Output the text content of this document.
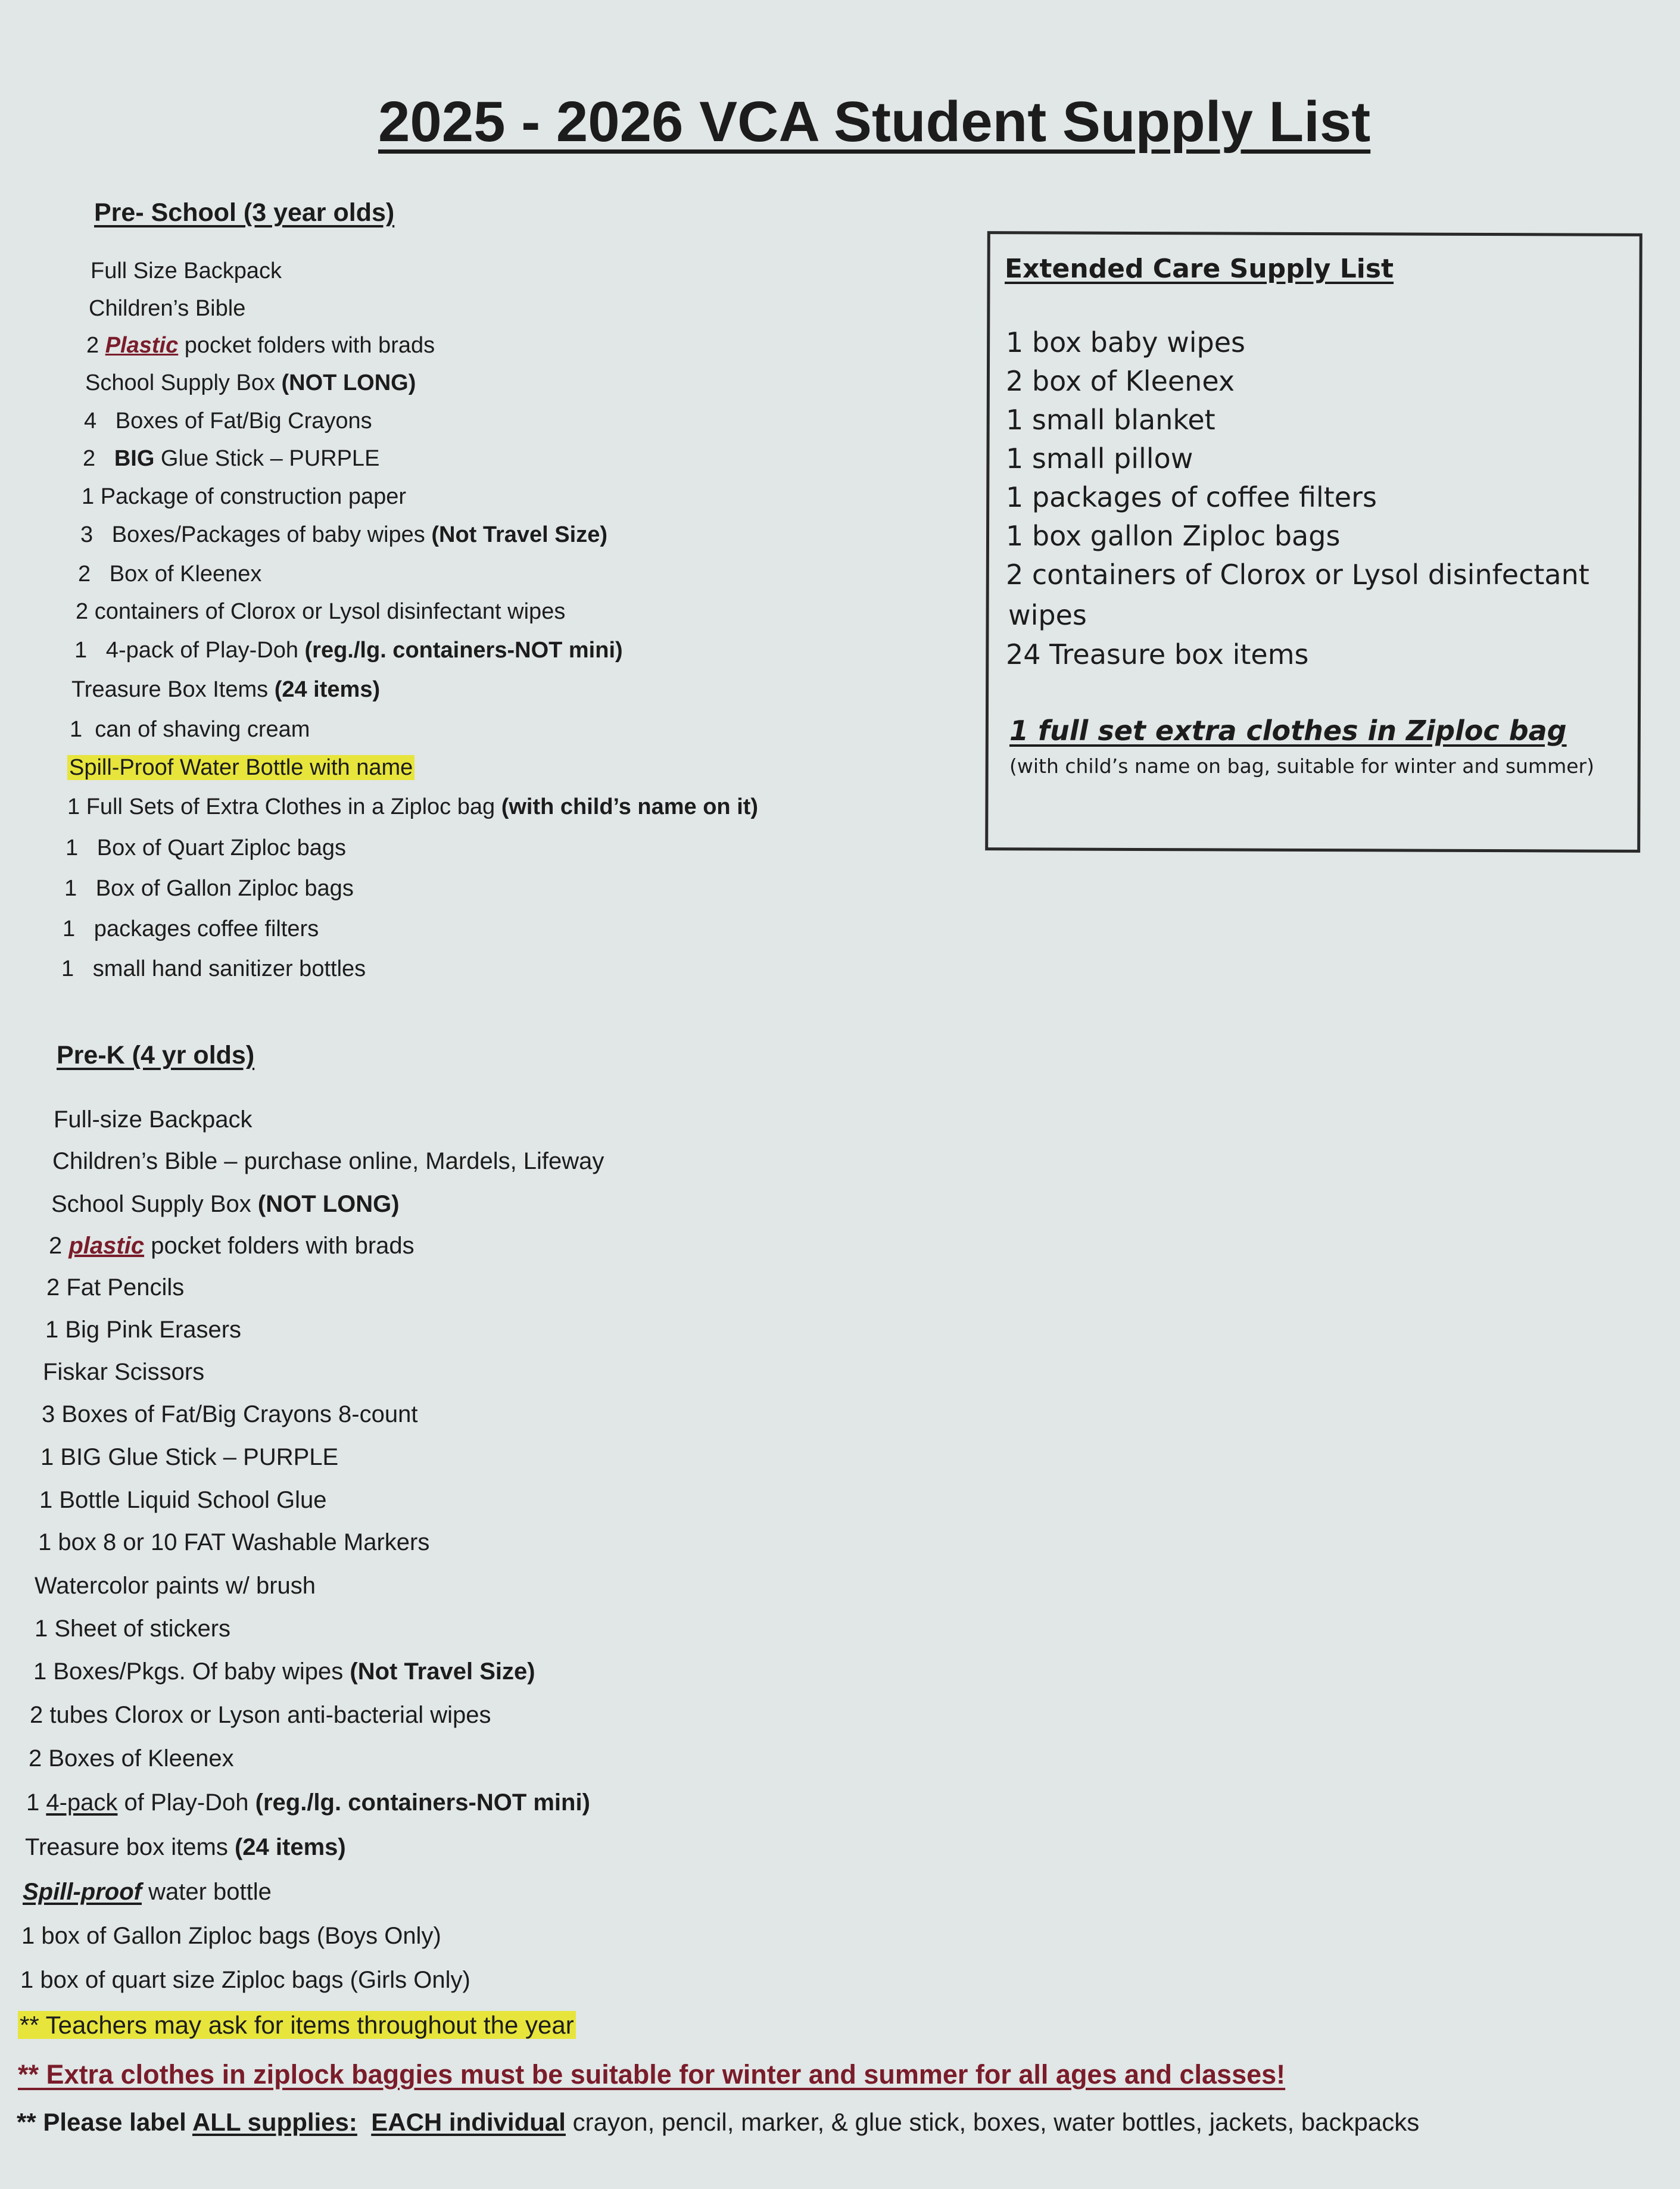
2025 - 2026 VCA Student Supply List
Pre- School (3 year olds)
Full Size Backpack
Children’s Bible
2 Plastic pocket folders with brads
School Supply Box (NOT LONG)
4   Boxes of Fat/Big Crayons
2   BIG Glue Stick – PURPLE
1 Package of construction paper
3   Boxes/Packages of baby wipes (Not Travel Size)
2   Box of Kleenex
2 containers of Clorox or Lysol disinfectant wipes
1   4-pack of Play-Doh (reg./lg. containers-NOT mini)
Treasure Box Items (24 items)
1  can of shaving cream
Spill-Proof Water Bottle with name
1 Full Sets of Extra Clothes in a Ziploc bag (with child’s name on it)
1   Box of Quart Ziploc bags
1   Box of Gallon Ziploc bags
1   packages coffee filters
1   small hand sanitizer bottles
Extended Care Supply List
1 box baby wipes
2 box of Kleenex
1 small blanket
1 small pillow
1 packages of coffee filters
1 box gallon Ziploc bags
2 containers of Clorox or Lysol disinfectant
wipes
24 Treasure box items
1 full set extra clothes in Ziploc bag
(with child’s name on bag, suitable for winter and summer)
Pre-K (4 yr olds)
Full-size Backpack
Children’s Bible – purchase online, Mardels, Lifeway
School Supply Box (NOT LONG)
2 plastic pocket folders with brads
2 Fat Pencils
1 Big Pink Erasers
Fiskar Scissors
3 Boxes of Fat/Big Crayons 8-count
1 BIG Glue Stick – PURPLE
1 Bottle Liquid School Glue
1 box 8 or 10 FAT Washable Markers
Watercolor paints w/ brush
1 Sheet of stickers
1 Boxes/Pkgs. Of baby wipes (Not Travel Size)
2 tubes Clorox or Lyson anti-bacterial wipes
2 Boxes of Kleenex
1 4-pack of Play-Doh (reg./lg. containers-NOT mini)
Treasure box items (24 items)
Spill-proof water bottle
1 box of Gallon Ziploc bags (Boys Only)
1 box of quart size Ziploc bags (Girls Only)
** Teachers may ask for items throughout the year
** Extra clothes in ziplock baggies must be suitable for winter and summer for all ages and classes!
** Please label ALL supplies: EACH individual crayon, pencil, marker, & glue stick, boxes, water bottles, jackets, backpacks
